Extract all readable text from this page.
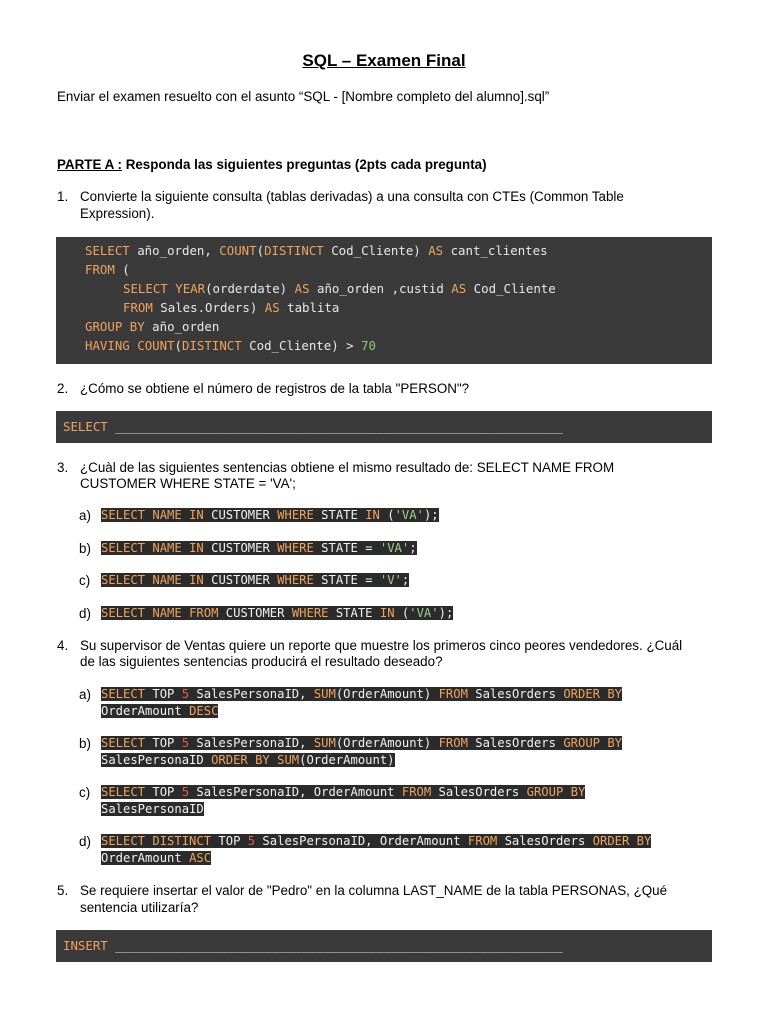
SQL – Examen Final
Enviar el examen resuelto con el asunto “SQL - [Nombre completo del alumno].sql”
PARTE A : Responda las siguientes preguntas (2pts cada pregunta)
1. Convierte la siguiente consulta (tablas derivadas) a una consulta con CTEs (Common Table
Expression).
SELECT año_orden, COUNT(DISTINCT Cod_Cliente) AS cant_clientes
FROM (
SELECT YEAR(orderdate) AS año_orden ,custid AS Cod_Cliente
FROM Sales.Orders) AS tablita
GROUP BY año_orden
HAVING COUNT(DISTINCT Cod_Cliente) > 70
2. ¿Cómo se obtiene el número de registros de la tabla "PERSON"?
SELECT ____________________________________________________________
3. ¿Cuàl de las siguientes sentencias obtiene el mismo resultado de: SELECT NAME FROM
CUSTOMER WHERE STATE = 'VA';
a) SELECT NAME IN CUSTOMER WHERE STATE IN ('VA');
b) SELECT NAME IN CUSTOMER WHERE STATE = 'VA';
c) SELECT NAME IN CUSTOMER WHERE STATE = 'V';
d) SELECT NAME FROM CUSTOMER WHERE STATE IN ('VA');
4. Su supervisor de Ventas quiere un reporte que muestre los primeros cinco peores vendedores. ¿Cuál
de las siguientes sentencias producirá el resultado deseado?
a) SELECT TOP 5 SalesPersonaID, SUM(OrderAmount) FROM SalesOrders ORDER BY
OrderAmount DESC
b) SELECT TOP 5 SalesPersonaID, SUM(OrderAmount) FROM SalesOrders GROUP BY
SalesPersonaID ORDER BY SUM(OrderAmount)
c) SELECT TOP 5 SalesPersonaID, OrderAmount FROM SalesOrders GROUP BY
SalesPersonaID
d) SELECT DISTINCT TOP 5 SalesPersonaID, OrderAmount FROM SalesOrders ORDER BY
OrderAmount ASC
5. Se requiere insertar el valor de "Pedro" en la columna LAST_NAME de la tabla PERSONAS, ¿Qué
sentencia utilizaría?
INSERT ____________________________________________________________
